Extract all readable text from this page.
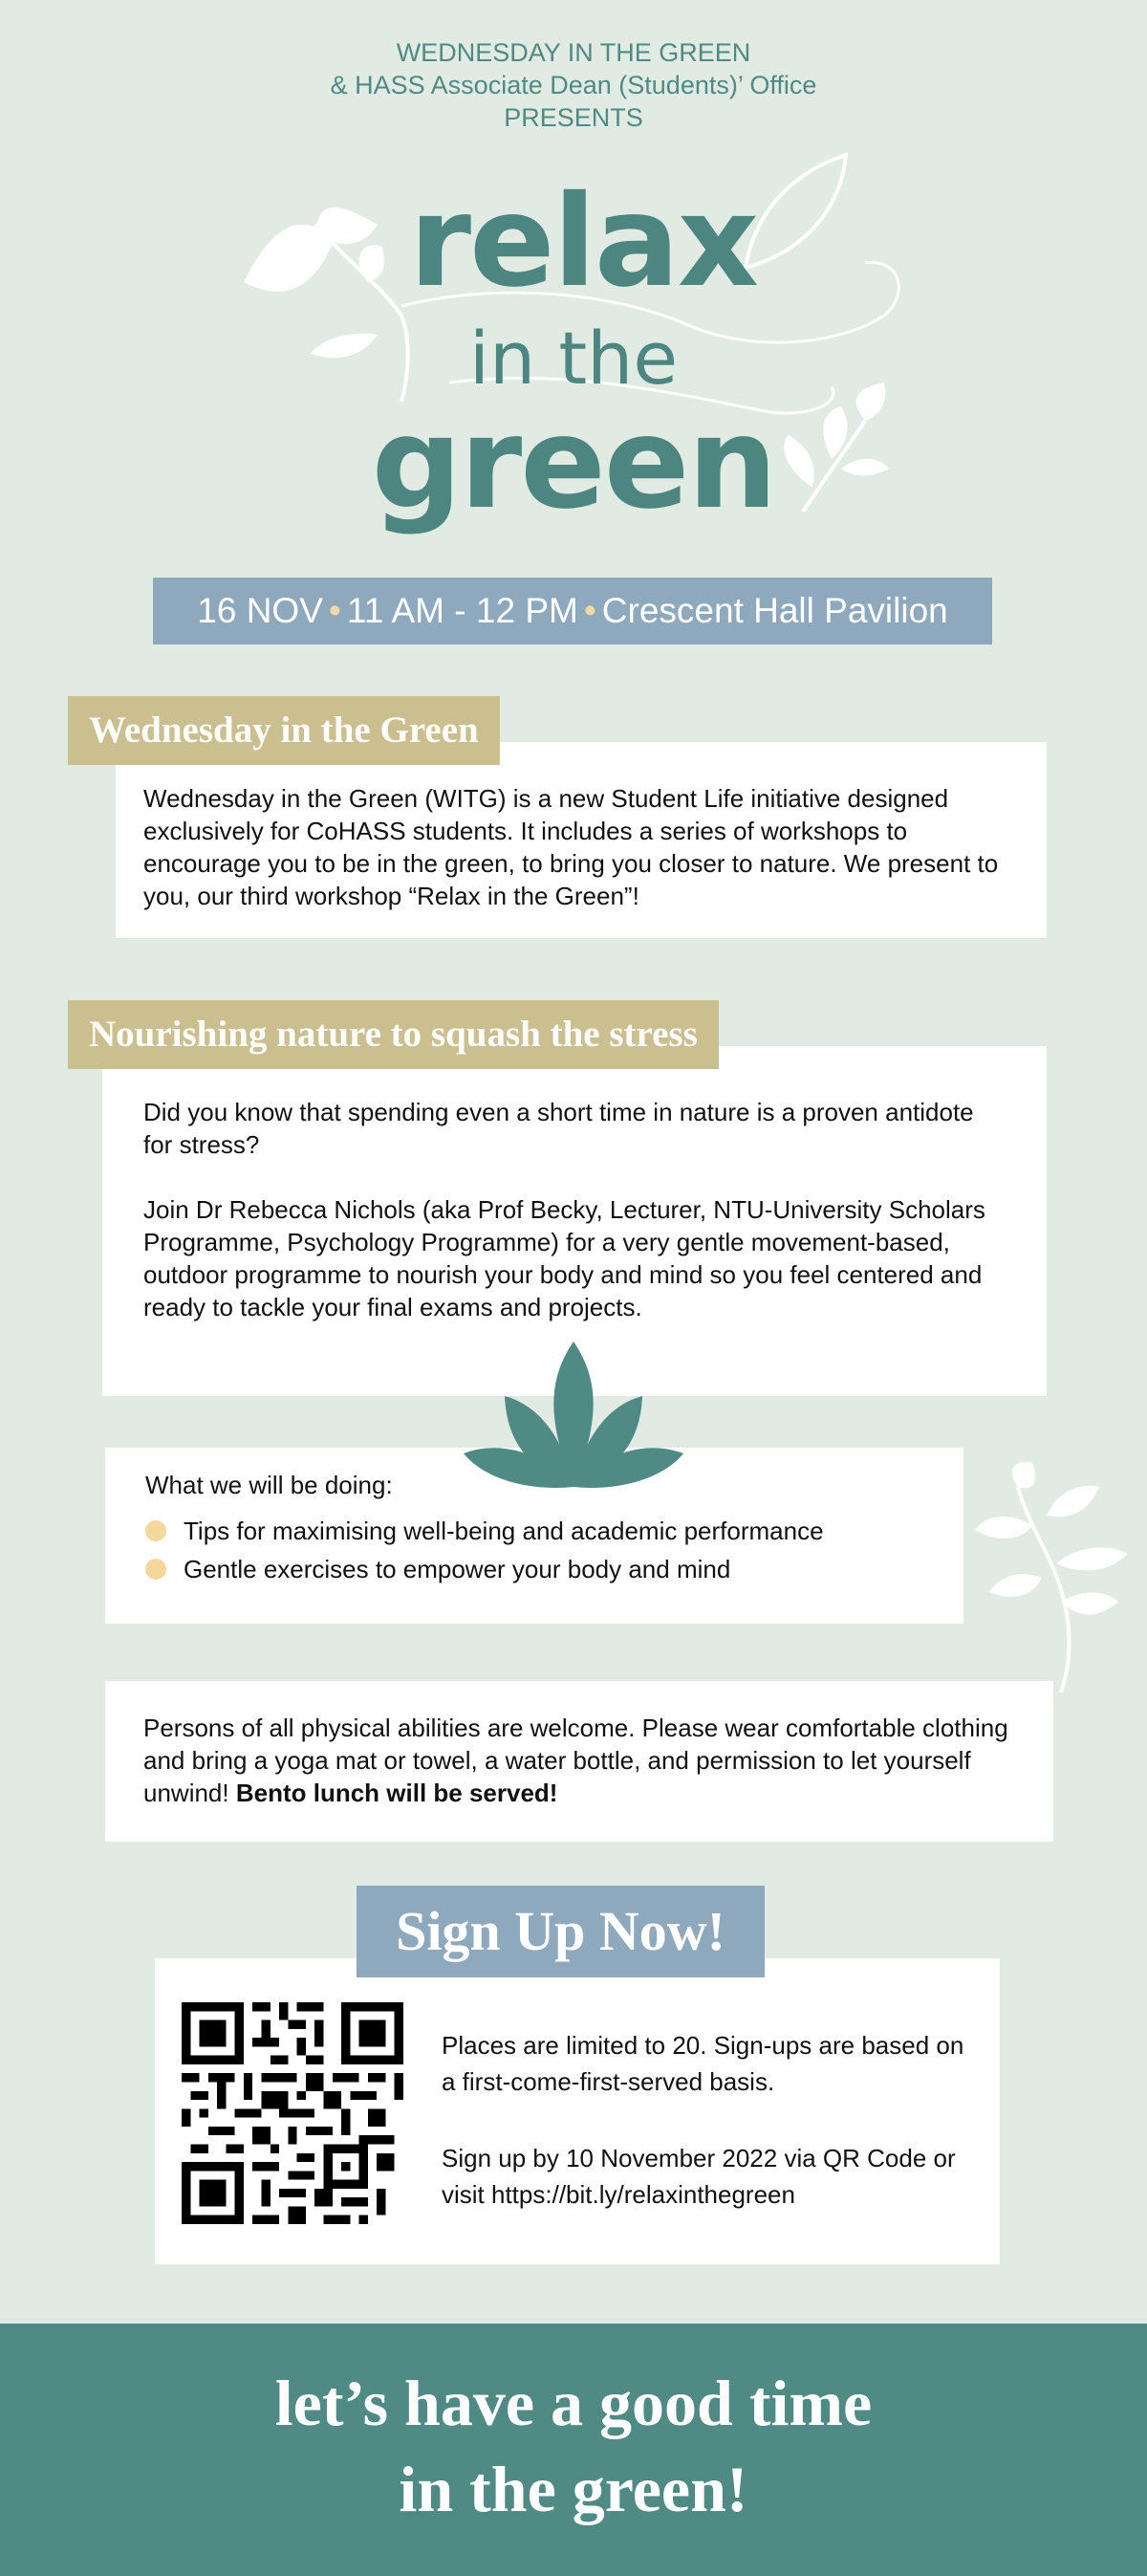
WEDNESDAY IN THE GREEN
& HASS Associate Dean (Students)’ Office
PRESENTS
relax
in the
green
16 NOV • 11 AM - 12 PM • Crescent Hall Pavilion
Wednesday in the Green

Wednesday in the Green (WITG) is a new Student Life initiative designed exclusively for CoHASS students. It includes a series of workshops to encourage you to be in the green, to bring you closer to nature. We present to you, our third workshop “Relax in the Green”!

Nourishing nature to squash the stress

Did you know that spending even a short time in nature is a proven antidote for stress?

Join Dr Rebecca Nichols (aka Prof Becky, Lecturer, NTU-University Scholars Programme, Psychology Programme) for a very gentle movement-based, outdoor programme to nourish your body and mind so you feel centered and ready to tackle your final exams and projects.

What we will be doing:

Tips for maximising well-being and academic performance
Gentle exercises to empower your body and mind

Persons of all physical abilities are welcome. Please wear comfortable clothing and bring a yoga mat or towel, a water bottle, and permission to let yourself unwind! Bento lunch will be served!

Sign Up Now!

Places are limited to 20. Sign-ups are based on a first-come-first-served basis.

Sign up by 10 November 2022 via QR Code or visit https://bit.ly/relaxinthegreen

let’s have a good time
in the green!
